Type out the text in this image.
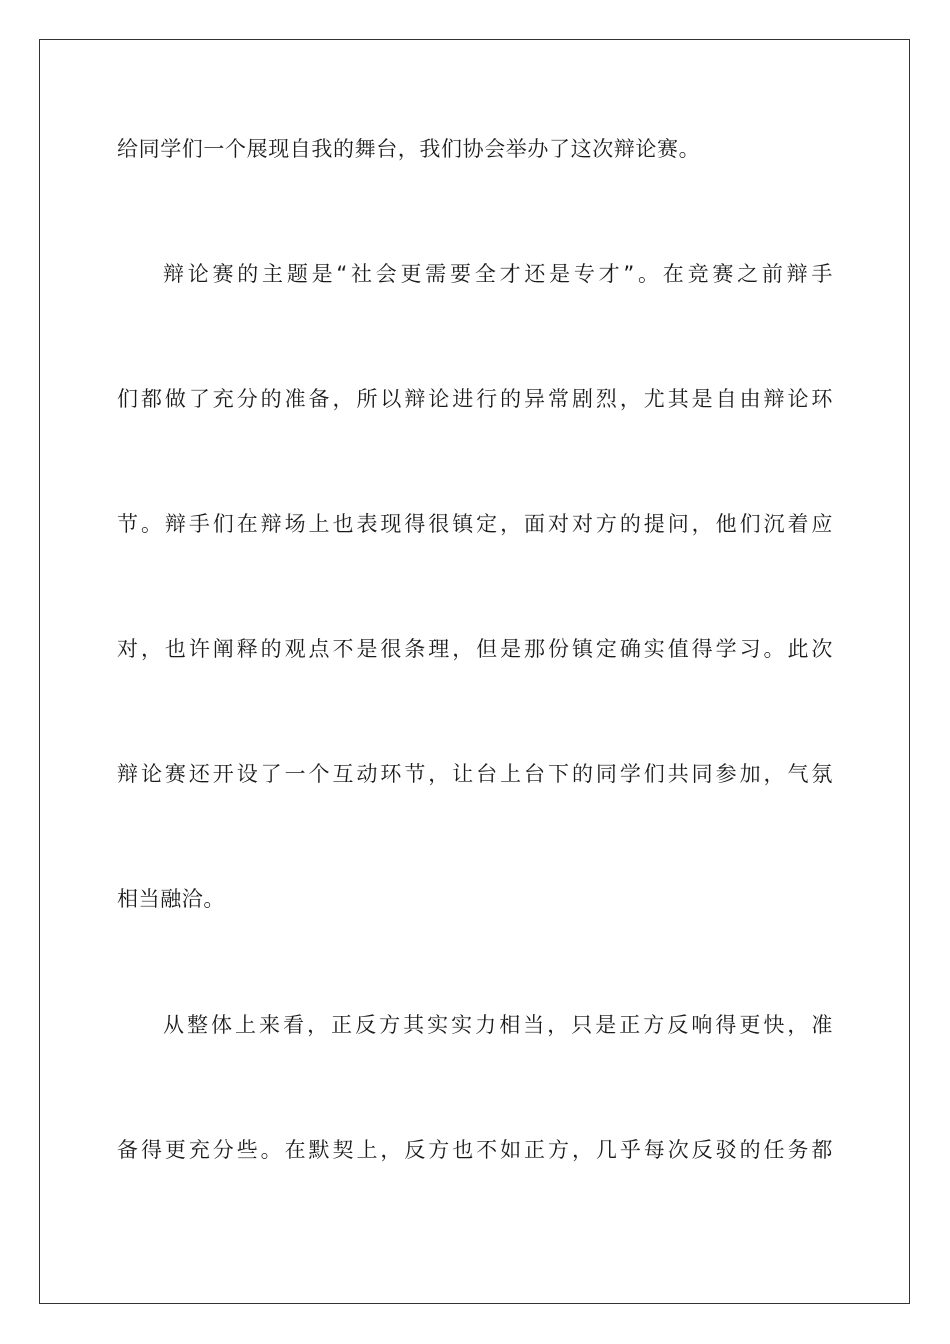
给同学们一个展现自我的舞台，我们协会举办了这次辩论赛。
辩论赛的主题是“社会更需要全才还是专才”。在竞赛之前辩手
们都做了充分的准备，所以辩论进行的异常剧烈，尤其是自由辩论环
节。辩手们在辩场上也表现得很镇定，面对对方的提问，他们沉着应
对，也许阐释的观点不是很条理，但是那份镇定确实值得学习。此次
辩论赛还开设了一个互动环节，让台上台下的同学们共同参加，气氛
相当融洽。
从整体上来看，正反方其实实力相当，只是正方反响得更快，准
备得更充分些。在默契上，反方也不如正方，几乎每次反驳的任务都
